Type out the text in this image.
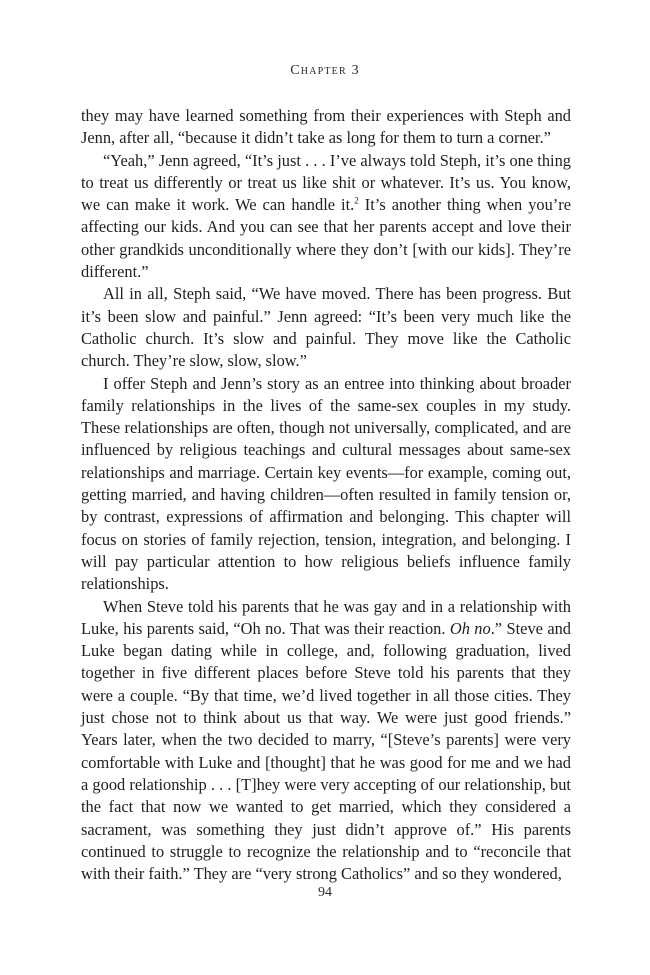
Chapter 3

they may have learned something from their experiences with Steph and Jenn, after all, “because it didn’t take as long for them to turn a corner.”

“Yeah,” Jenn agreed, “It’s just . . . I’ve always told Steph, it’s one thing to treat us differently or treat us like shit or whatever. It’s us. You know, we can make it work. We can handle it.$^2$ It’s another thing when you’re affecting our kids. And you can see that her parents accept and love their other grandkids unconditionally where they don’t [with our kids]. They’re different.”

All in all, Steph said, “We have moved. There has been progress. But it’s been slow and painful.” Jenn agreed: “It’s been very much like the Catholic church. It’s slow and painful. They move like the Catholic church. They’re slow, slow, slow.”

I offer Steph and Jenn’s story as an entree into thinking about broader family relationships in the lives of the same-sex couples in my study. These relationships are often, though not universally, complicated, and are influenced by religious teachings and cultural messages about same-sex relationships and marriage. Certain key events—for example, coming out, getting married, and having children—often resulted in family tension or, by contrast, expressions of affirmation and belonging. This chapter will focus on stories of family rejection, tension, integration, and belonging. I will pay particular attention to how religious beliefs influence family relationships.

When Steve told his parents that he was gay and in a relationship with Luke, his parents said, “Oh no. That was their reaction. Oh no.” Steve and Luke began dating while in college, and, following graduation, lived together in five different places before Steve told his parents that they were a couple. “By that time, we’d lived together in all those cities. They just chose not to think about us that way. We were just good friends.” Years later, when the two decided to marry, “[Steve’s parents] were very comfortable with Luke and [thought] that he was good for me and we had a good relationship . . . [T]hey were very accepting of our relationship, but the fact that now we wanted to get married, which they considered a sacrament, was something they just didn’t approve of.” His parents continued to struggle to recognize the relationship and to “reconcile that with their faith.” They are “very strong Catholics” and so they wondered,

94
